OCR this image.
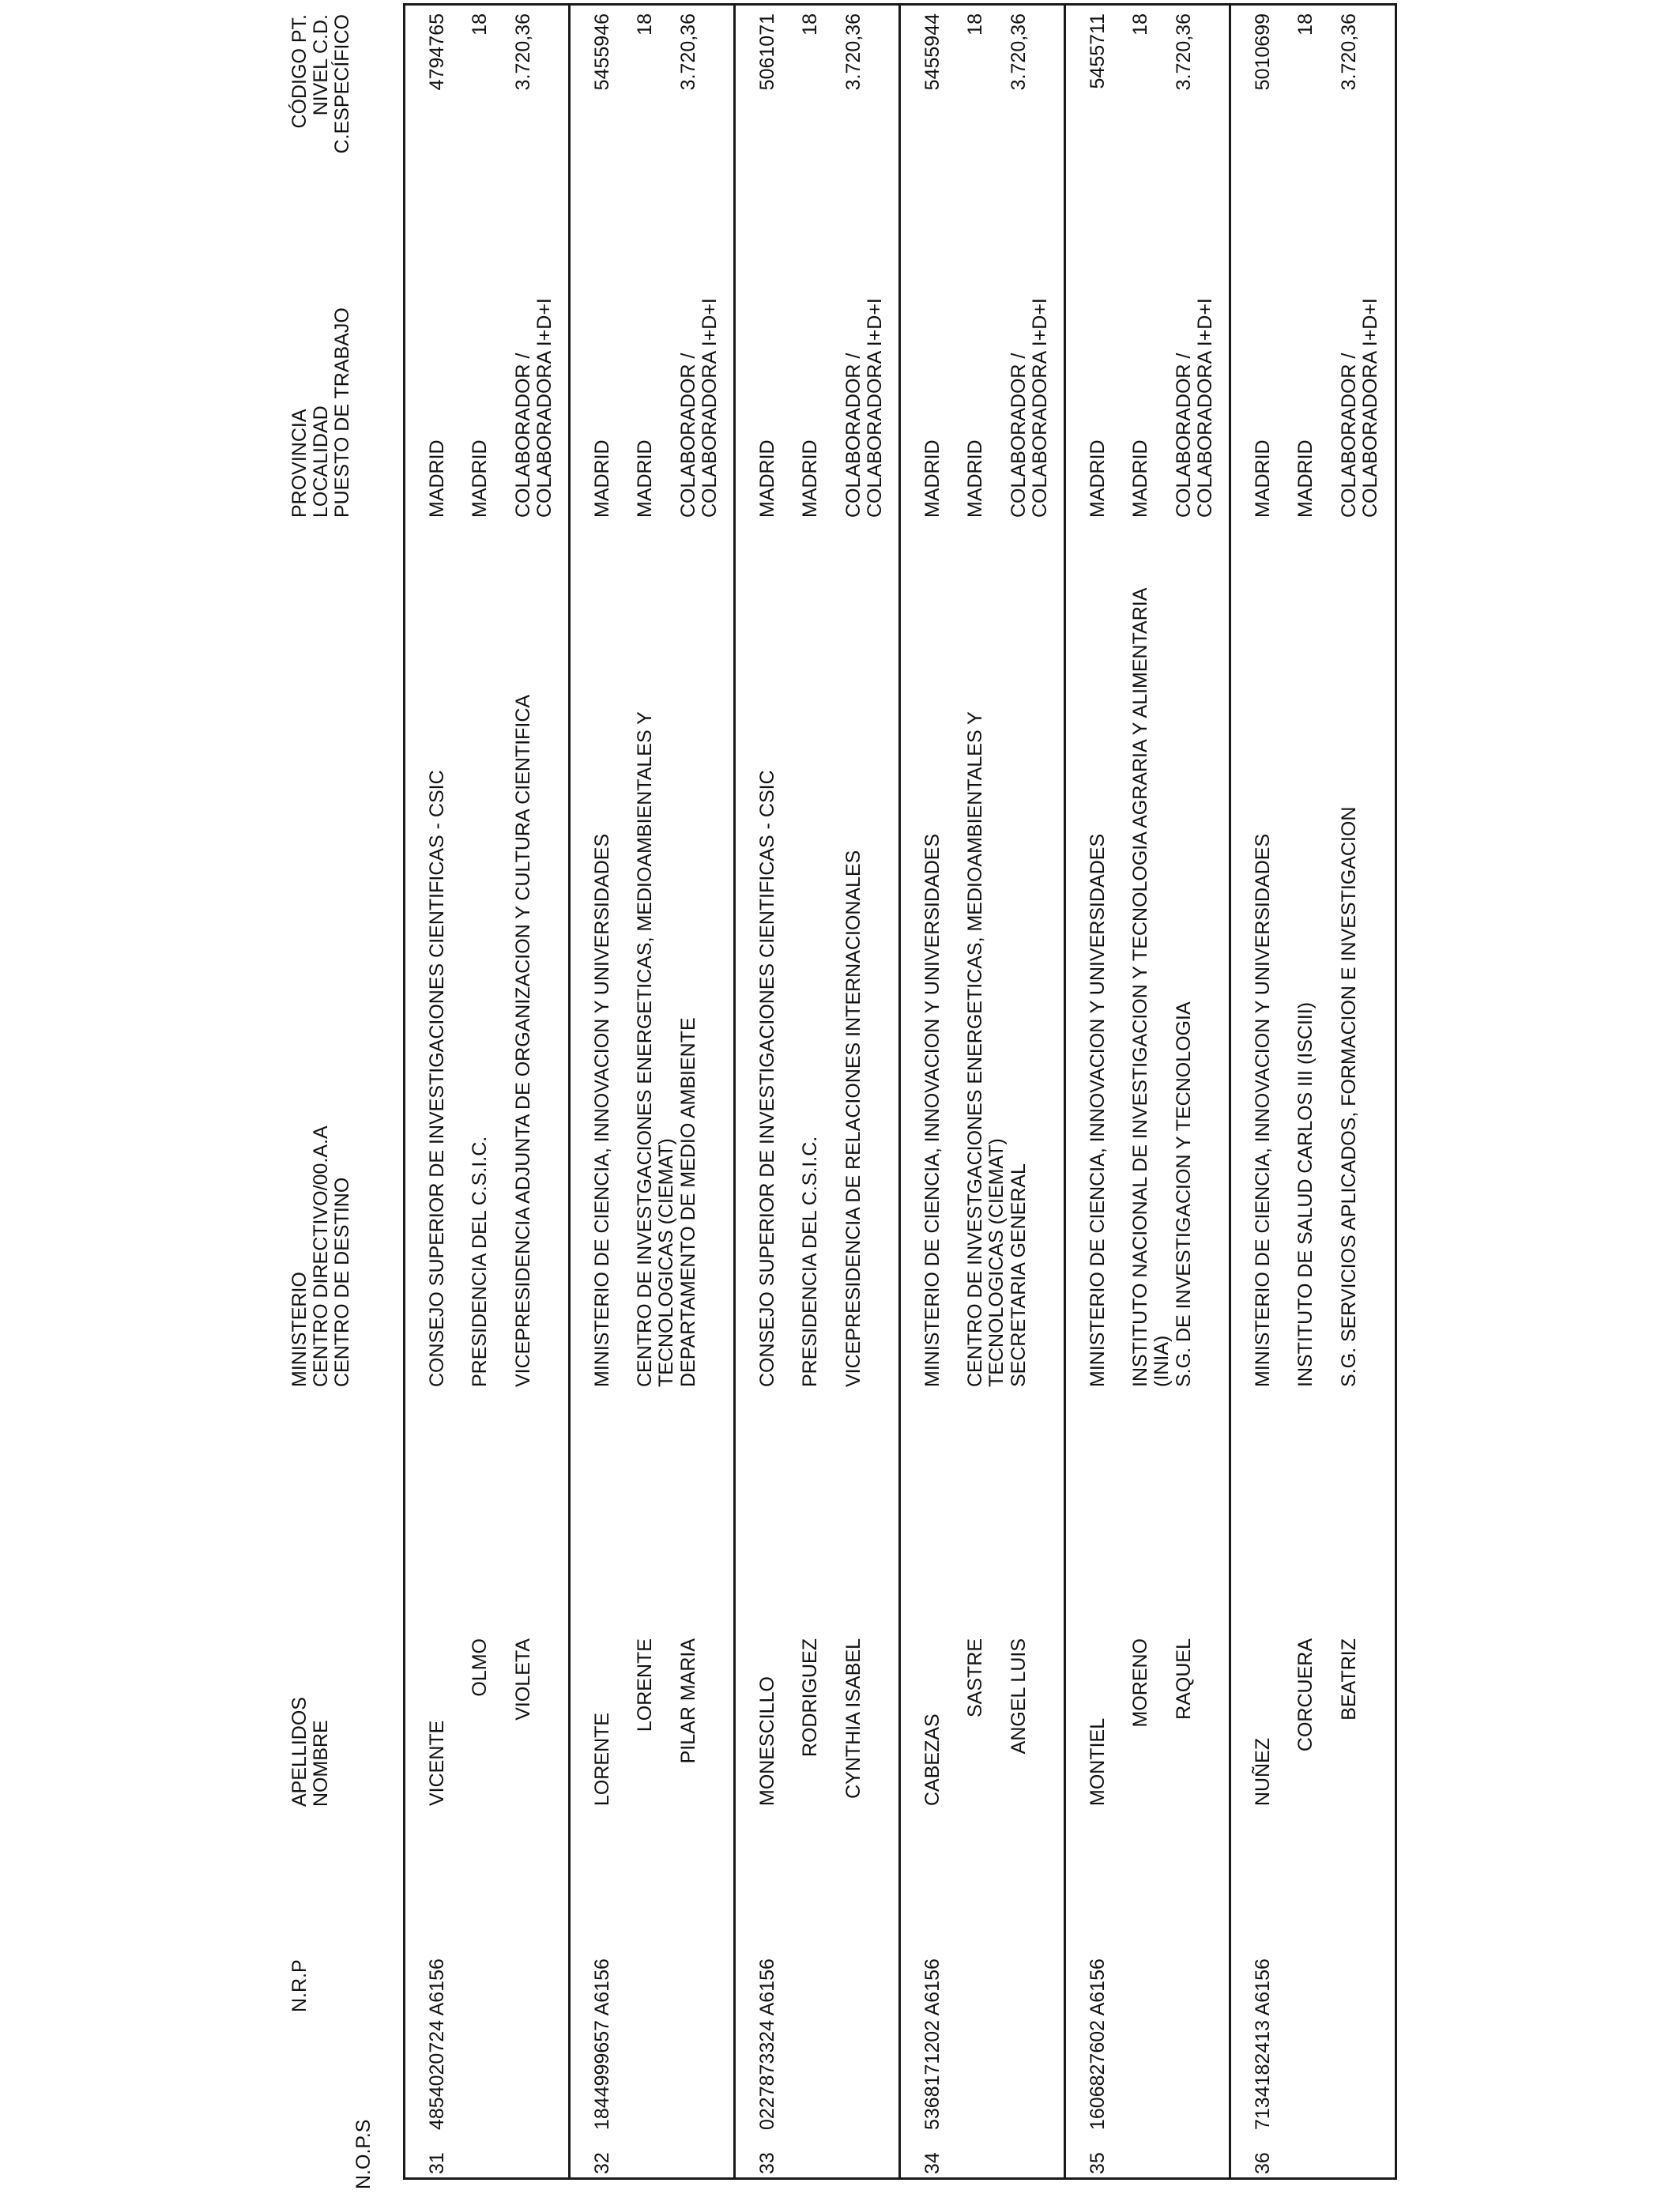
N.O.P.S
N.R.P
APELLIDOS NOMBRE
MINISTERIO CENTRO DIRECTIVO/00.A.A CENTRO DE DESTINO
PROVINCIA LOCALIDAD PUESTO DE TRABAJO
CÓDIGO PT. NIVEL C.D. C.ESPECÍFICO
31
4854020724 A6156
VICENTE
OLMO VIOLETA
CONSEJO SUPERIOR DE INVESTIGACIONES CIENTIFICAS - CSIC PRESIDENCIA DEL C.S.I.C. VICEPRESIDENCIA ADJUNTA DE ORGANIZACION Y CULTURA CIENTIFICA
MADRID MADRID COLABORADOR / COLABORADORA I+D+I
4794765 18 3.720,36
32
1844999657 A6156
LORENTE
LORENTE PILAR MARIA
MINISTERIO DE CIENCIA, INNOVACION Y UNIVERSIDADES CENTRO DE INVESTGACIONES ENERGETICAS, MEDIOAMBIENTALES Y TECNOLOGICAS (CIEMAT) DEPARTAMENTO DE MEDIO AMBIENTE
MADRID MADRID COLABORADOR / COLABORADORA I+D+I
5455946 18 3.720,36
33
0227873324 A6156
MONESCILLO RODRIGUEZ CYNTHIA ISABEL
CONSEJO SUPERIOR DE INVESTIGACIONES CIENTIFICAS - CSIC PRESIDENCIA DEL C.S.I.C. VICEPRESIDENCIA DE RELACIONES INTERNACIONALES
MADRID MADRID COLABORADOR / COLABORADORA I+D+I
5061071 18 3.720,36
34
5368171202 A6156
CABEZAS
SASTRE ANGEL LUIS
MINISTERIO DE CIENCIA, INNOVACION Y UNIVERSIDADES CENTRO DE INVESTGACIONES ENERGETICAS, MEDIOAMBIENTALES Y TECNOLOGICAS (CIEMAT) SECRETARIA GENERAL
MADRID MADRID COLABORADOR / COLABORADORA I+D+I
5455944 18 3.720,36
35
1606827602 A6156
MONTIEL
MORENO RAQUEL
MINISTERIO DE CIENCIA, INNOVACION Y UNIVERSIDADES INSTITUTO NACIONAL DE INVESTIGACION Y TECNOLOGIA AGRARIA Y ALIMENTARIA (INIA) S.G. DE INVESTIGACION Y TECNOLOGIA
MADRID MADRID COLABORADOR / COLABORADORA I+D+I
5455711 18 3.720,36
36
7134182413 A6156
NUÑEZ
CORCUERA BEATRIZ
MINISTERIO DE CIENCIA, INNOVACION Y UNIVERSIDADES INSTITUTO DE SALUD CARLOS III (ISCIII) S.G. SERVICIOS APLICADOS, FORMACION E INVESTIGACION
MADRID MADRID COLABORADOR / COLABORADORA I+D+I
5010699 18 3.720,36
